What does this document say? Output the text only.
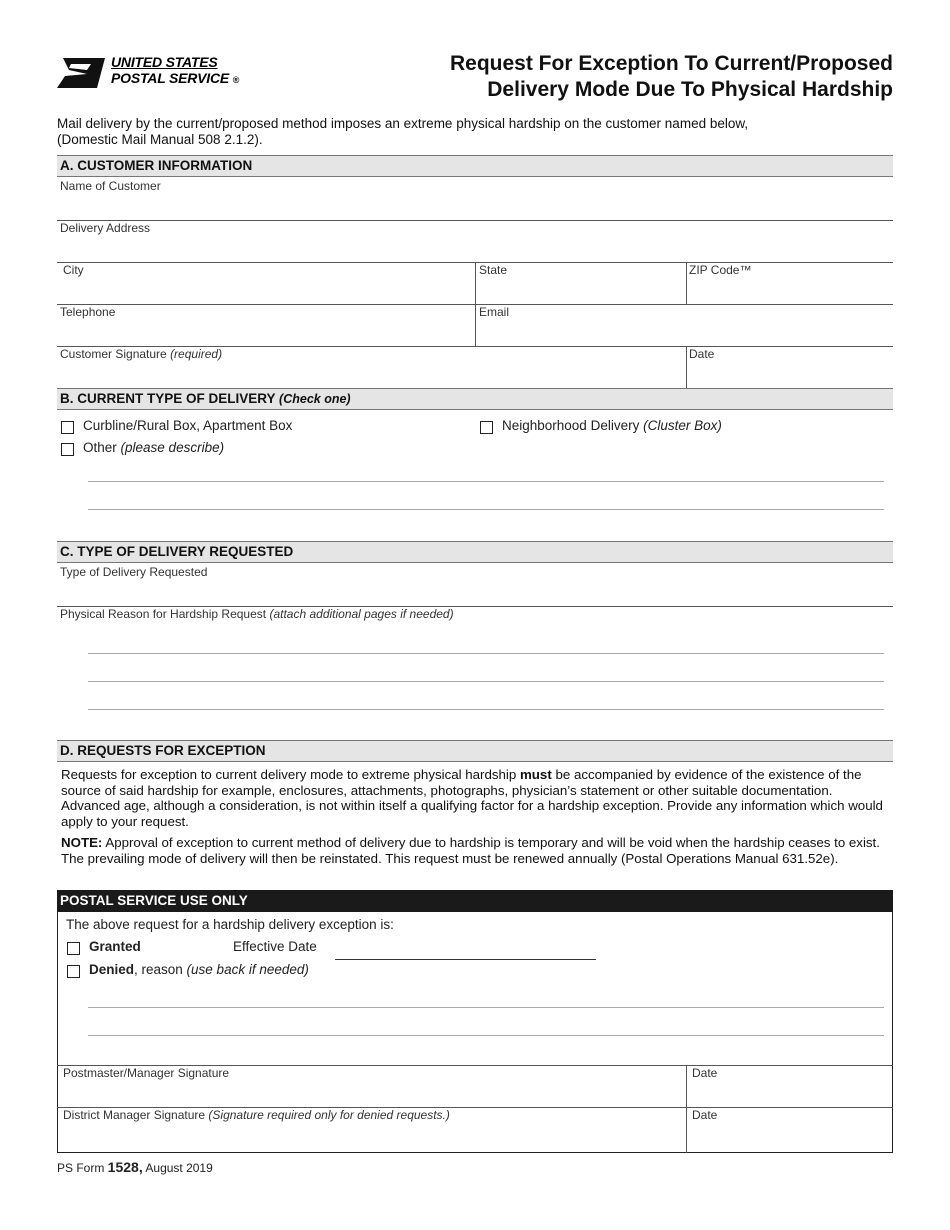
UNITED STATES
POSTAL SERVICE ®
Request For Exception To Current/Proposed
Delivery Mode Due To Physical Hardship
Mail delivery by the current/proposed method imposes an extreme physical hardship on the customer named below,
(Domestic Mail Manual 508 2.1.2).
A. CUSTOMER INFORMATION
Name of Customer
Delivery Address
City	State	ZIP Code™
Telephone	Email
Customer Signature (required)	Date
B. CURRENT TYPE OF DELIVERY (Check one)
Curbline/Rural Box, Apartment Box	Neighborhood Delivery (Cluster Box)
Other (please describe)
C. TYPE OF DELIVERY REQUESTED
Type of Delivery Requested
Physical Reason for Hardship Request (attach additional pages if needed)
D. REQUESTS FOR EXCEPTION
Requests for exception to current delivery mode to extreme physical hardship must be accompanied by evidence of the existence of the source of said hardship for example, enclosures, attachments, photographs, physician’s statement or other suitable documentation. Advanced age, although a consideration, is not within itself a qualifying factor for a hardship exception. Provide any information which would apply to your request.
NOTE: Approval of exception to current method of delivery due to hardship is temporary and will be void when the hardship ceases to exist. The prevailing mode of delivery will then be reinstated. This request must be renewed annually (Postal Operations Manual 631.52e).
POSTAL SERVICE USE ONLY
The above request for a hardship delivery exception is:
Granted	Effective Date
Denied, reason (use back if needed)
Postmaster/Manager Signature	Date
District Manager Signature (Signature required only for denied requests.)	Date
PS Form 1528, August 2019
